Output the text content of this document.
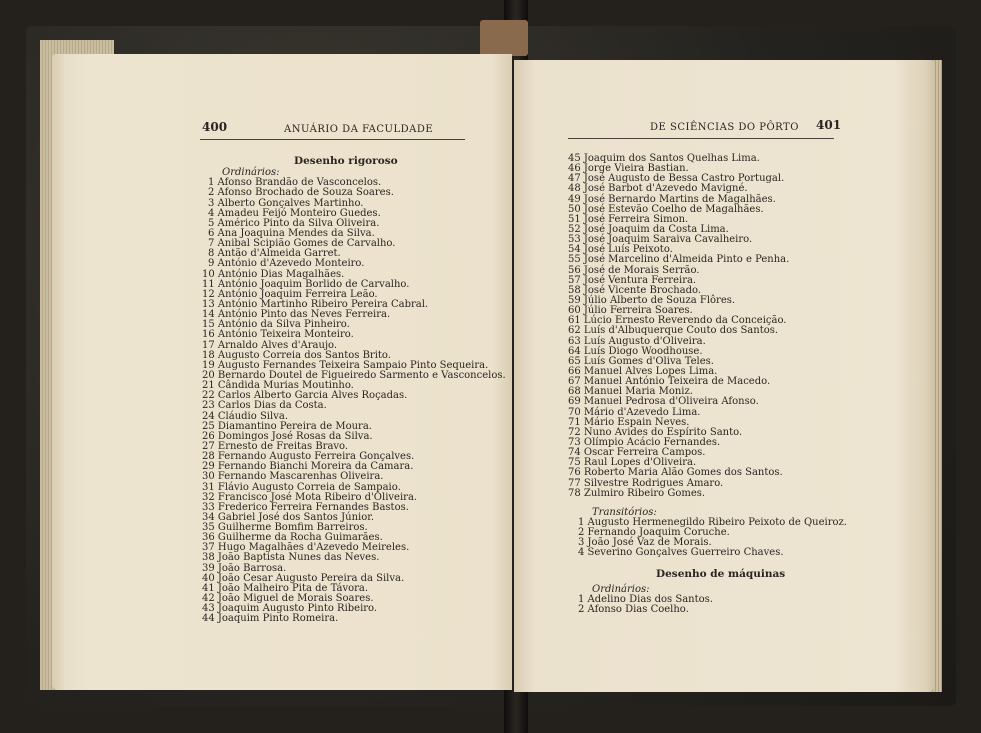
400	ANUÁRIO DA FACULDADE
Desenho rigoroso
Ordinários:
1 Afonso Brandão de Vasconcelos.
2 Afonso Brochado de Souza Soares.
3 Alberto Gonçalves Martinho.
4 Amadeu Feijó Monteiro Guedes.
5 Américo Pinto da Silva Oliveira.
6 Ana Joaquina Mendes da Silva.
7 Anibal Scipião Gomes de Carvalho.
8 Antão d'Almeida Garret.
9 António d'Azevedo Monteiro.
10 António Dias Magalhães.
11 António Joaquim Borlido de Carvalho.
12 António Joaquim Ferreira Leão.
13 António Martinho Ribeiro Pereira Cabral.
14 António Pinto das Neves Ferreira.
15 António da Silva Pinheiro.
16 António Teixeira Monteiro.
17 Arnaldo Alves d'Araujo.
18 Augusto Correia dos Santos Brito.
19 Augusto Fernandes Teixeira Sampaio Pinto Sequeira.
20 Bernardo Doutel de Figueiredo Sarmento e Vasconcelos.
21 Cândida Murias Moutinho.
22 Carlos Alberto Garcia Alves Roçadas.
23 Carlos Dias da Costa.
24 Cláudio Silva.
25 Diamantino Pereira de Moura.
26 Domingos José Rosas da Silva.
27 Ernesto de Freitas Bravo.
28 Fernando Augusto Ferreira Gonçalves.
29 Fernando Bianchi Moreira da Camara.
30 Fernando Mascarenhas Oliveira.
31 Flávio Augusto Correia de Sampaio.
32 Francisco José Mota Ribeiro d'Oliveira.
33 Frederico Ferreira Fernandes Bastos.
34 Gabriel José dos Santos Júnior.
35 Guilherme Bomfim Barreiros.
36 Guilherme da Rocha Guimarães.
37 Hugo Magalhães d'Azevedo Meireles.
38 João Baptista Nunes das Neves.
39 João Barrosa.
40 João Cesar Augusto Pereira da Silva.
41 João Malheiro Pita de Távora.
42 João Miguel de Morais Soares.
43 Joaquim Augusto Pinto Ribeiro.
44 Joaquim Pinto Romeira.
DE SCIÊNCIAS DO PÔRTO 401
45 Joaquim dos Santos Quelhas Lima.
46 Jorge Vieira Bastian.
47 José Augusto de Bessa Castro Portugal.
48 José Barbot d'Azevedo Mavigné.
49 José Bernardo Martins de Magalhães.
50 José Estevão Coelho de Magalhães.
51 José Ferreira Simon.
52 José Joaquim da Costa Lima.
53 José Joaquim Saraiva Cavalheiro.
54 José Luís Peixoto.
55 José Marcelino d'Almeida Pinto e Penha.
56 José de Morais Serrão.
57 José Ventura Ferreira.
58 José Vicente Brochado.
59 Júlio Alberto de Souza Flôres.
60 Júlio Ferreira Soares.
61 Lúcio Ernesto Reverendo da Conceição.
62 Luís d'Albuquerque Couto dos Santos.
63 Luís Augusto d'Oliveira.
64 Luís Diogo Woodhouse.
65 Luís Gomes d'Oliva Teles.
66 Manuel Alves Lopes Lima.
67 Manuel António Teixeira de Macedo.
68 Manuel Maria Moniz.
69 Manuel Pedrosa d'Oliveira Afonso.
70 Mário d'Azevedo Lima.
71 Mário Espain Neves.
72 Nuno Avides do Espírito Santo.
73 Olímpio Acácio Fernandes.
74 Oscar Ferreira Campos.
75 Raul Lopes d'Oliveira.
76 Roberto Maria Alão Gomes dos Santos.
77 Silvestre Rodrigues Amaro.
78 Zulmiro Ribeiro Gomes.
Transitórios:
1 Augusto Hermenegildo Ribeiro Peixoto de Queiroz.
2 Fernando Joaquim Coruche.
3 João José Vaz de Morais.
4 Severino Gonçalves Guerreiro Chaves.
Desenho de máquinas
Ordinários:
1 Adelino Dias dos Santos.
2 Afonso Dias Coelho.
